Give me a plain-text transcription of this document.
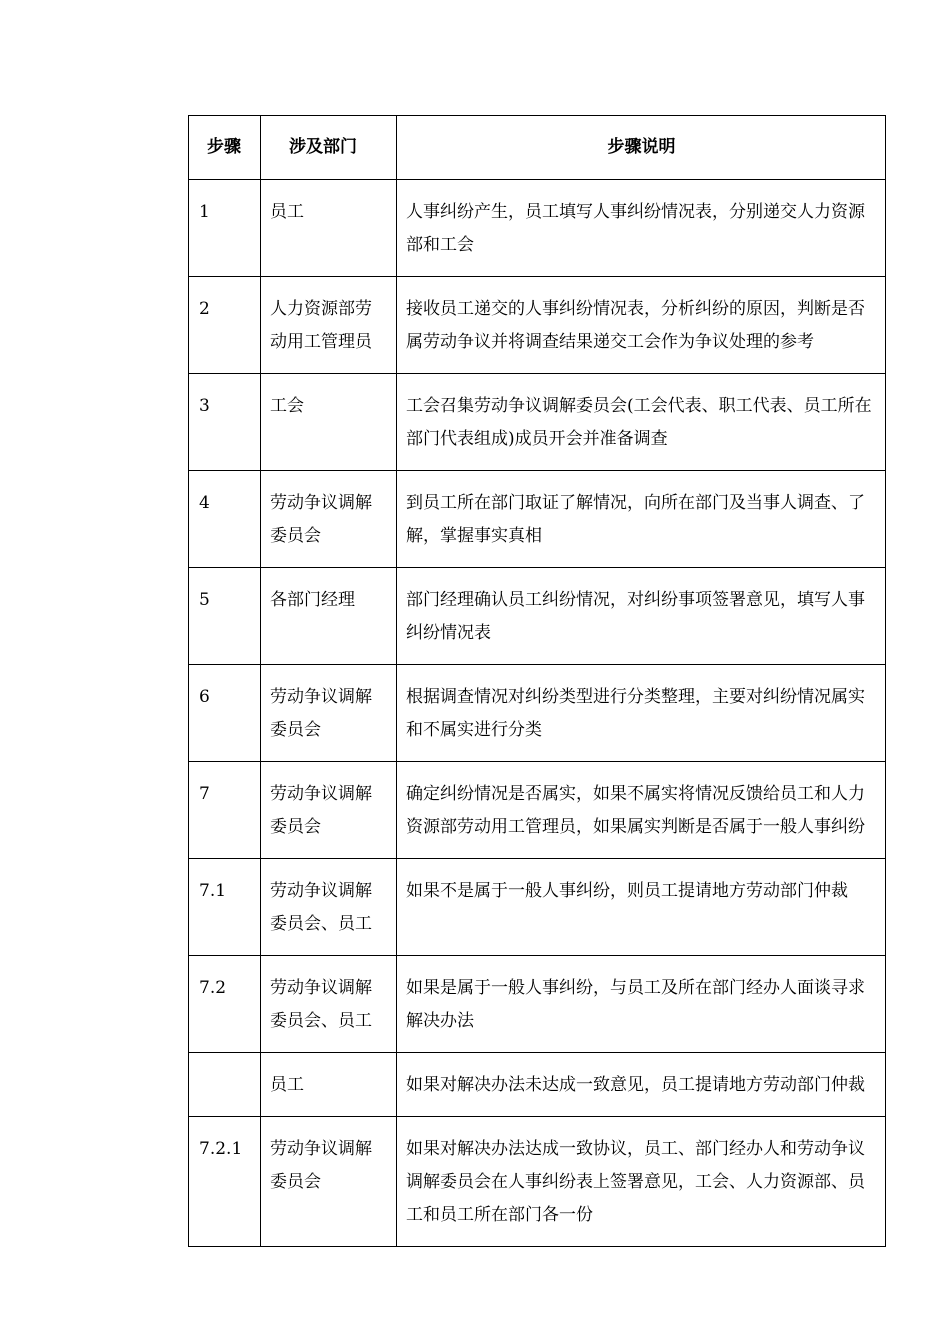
步骤	涉及部门	步骤说明
1	员工	人事纠纷产生，员工填写人事纠纷情况表，分别递交人力资源部和工会
2	人力资源部劳动用工管理员	接收员工递交的人事纠纷情况表，分析纠纷的原因，判断是否属劳动争议并将调查结果递交工会作为争议处理的参考
3	工会	工会召集劳动争议调解委员会(工会代表、职工代表、员工所在部门代表组成)成员开会并准备调查
4	劳动争议调解委员会	到员工所在部门取证了解情况，向所在部门及当事人调查、了解，掌握事实真相
5	各部门经理	部门经理确认员工纠纷情况，对纠纷事项签署意见，填写人事纠纷情况表
6	劳动争议调解委员会	根据调查情况对纠纷类型进行分类整理，主要对纠纷情况属实和不属实进行分类
7	劳动争议调解委员会	确定纠纷情况是否属实，如果不属实将情况反馈给员工和人力资源部劳动用工管理员，如果属实判断是否属于一般人事纠纷
7.1	劳动争议调解委员会、员工	如果不是属于一般人事纠纷，则员工提请地方劳动部门仲裁
7.2	劳动争议调解委员会、员工	如果是属于一般人事纠纷，与员工及所在部门经办人面谈寻求解决办法
	员工	如果对解决办法未达成一致意见，员工提请地方劳动部门仲裁
7.2.1	劳动争议调解委员会	如果对解决办法达成一致协议，员工、部门经办人和劳动争议调解委员会在人事纠纷表上签署意见，工会、人力资源部、员工和员工所在部门各一份
